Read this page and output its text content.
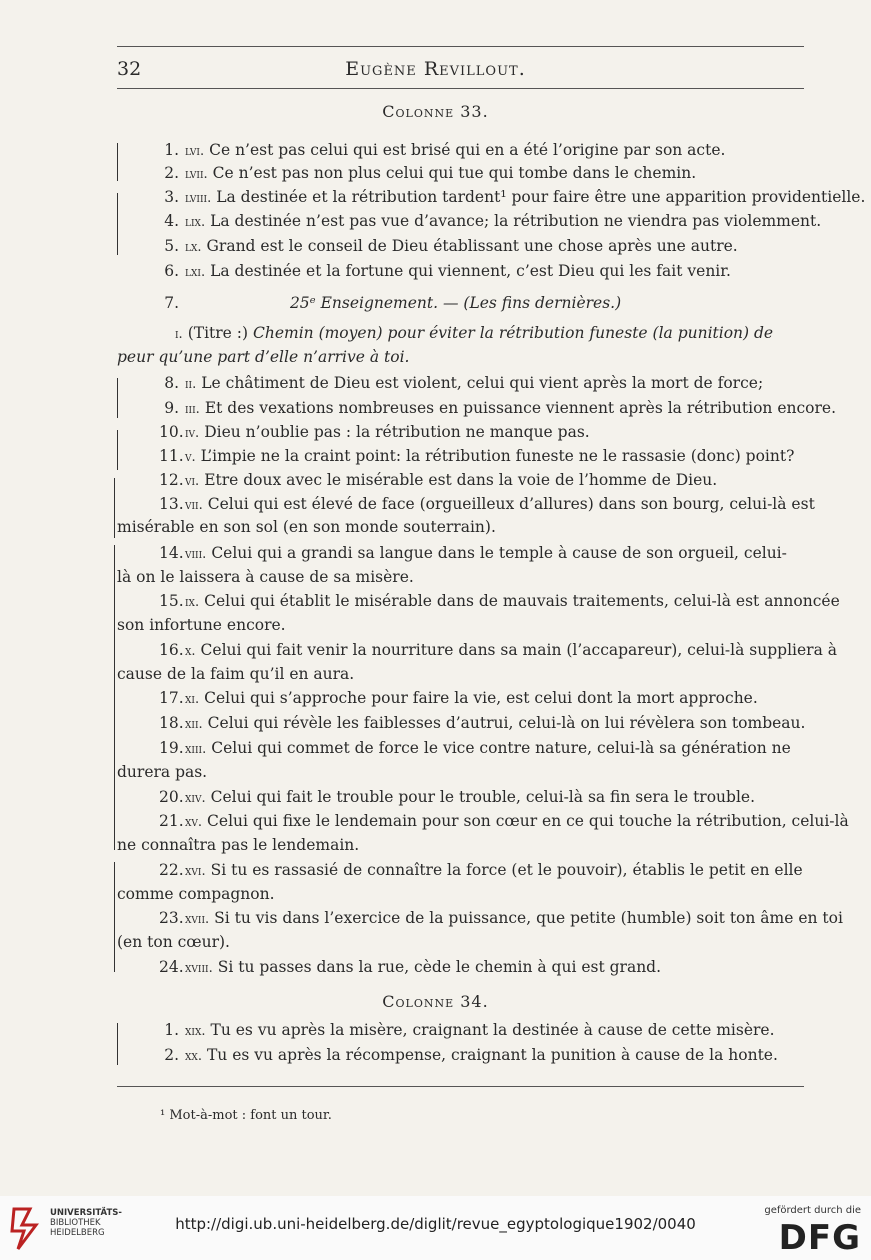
32	Eugène Revillout.
Colonne 33.
1. lvi. Ce n’est pas celui qui est brisé qui en a été l’origine par son acte.
2. lvii. Ce n’est pas non plus celui qui tue qui tombe dans le chemin.
3. lviii. La destinée et la rétribution tardent¹ pour faire être une apparition providentielle.
4. lix. La destinée n’est pas vue d’avance; la rétribution ne viendra pas violemment.
5. lx. Grand est le conseil de Dieu établissant une chose après une autre.
6. lxi. La destinée et la fortune qui viennent, c’est Dieu qui les fait venir.
7.	25ᵉ Enseignement. — (Les fins dernières.)
i. (Titre :) Chemin (moyen) pour éviter la rétribution funeste (la punition) de
peur qu’une part d’elle n’arrive à toi.
8. ii. Le châtiment de Dieu est violent, celui qui vient après la mort de force;
9. iii. Et des vexations nombreuses en puissance viennent après la rétribution encore.
10.iv. Dieu n’oublie pas : la rétribution ne manque pas.
11.v. L’impie ne la craint point: la rétribution funeste ne le rassasie (donc) point?
12.vi. Etre doux avec le misérable est dans la voie de l’homme de Dieu.
13.vii. Celui qui est élevé de face (orgueilleux d’allures) dans son bourg, celui-là est
misérable en son sol (en son monde souterrain).
14.viii. Celui qui a grandi sa langue dans le temple à cause de son orgueil, celui-
là on le laissera à cause de sa misère.
15.ix. Celui qui établit le misérable dans de mauvais traitements, celui-là est annoncée
son infortune encore.
16.x. Celui qui fait venir la nourriture dans sa main (l’accapareur), celui-là suppliera à
cause de la faim qu’il en aura.
17.xi. Celui qui s’approche pour faire la vie, est celui dont la mort approche.
18.xii. Celui qui révèle les faiblesses d’autrui, celui-là on lui révèlera son tombeau.
19.xiii. Celui qui commet de force le vice contre nature, celui-là sa génération ne
durera pas.
20.xiv. Celui qui fait le trouble pour le trouble, celui-là sa fin sera le trouble.
21.xv. Celui qui fixe le lendemain pour son cœur en ce qui touche la rétribution, celui-là
ne connaîtra pas le lendemain.
22.xvi. Si tu es rassasié de connaître la force (et le pouvoir), établis le petit en elle
comme compagnon.
23.xvii. Si tu vis dans l’exercice de la puissance, que petite (humble) soit ton âme en toi
(en ton cœur).
24.xviii. Si tu passes dans la rue, cède le chemin à qui est grand.
Colonne 34.
1. xix. Tu es vu après la misère, craignant la destinée à cause de cette misère.
2. xx. Tu es vu après la récompense, craignant la punition à cause de la honte.
¹ Mot-à-mot : font un tour.
UNIVERSITÄTS-
BIBLIOTHEK
HEIDELBERG	http://digi.ub.uni-heidelberg.de/diglit/revue_egyptologique1902/0040
gefördert durch die
DFG
